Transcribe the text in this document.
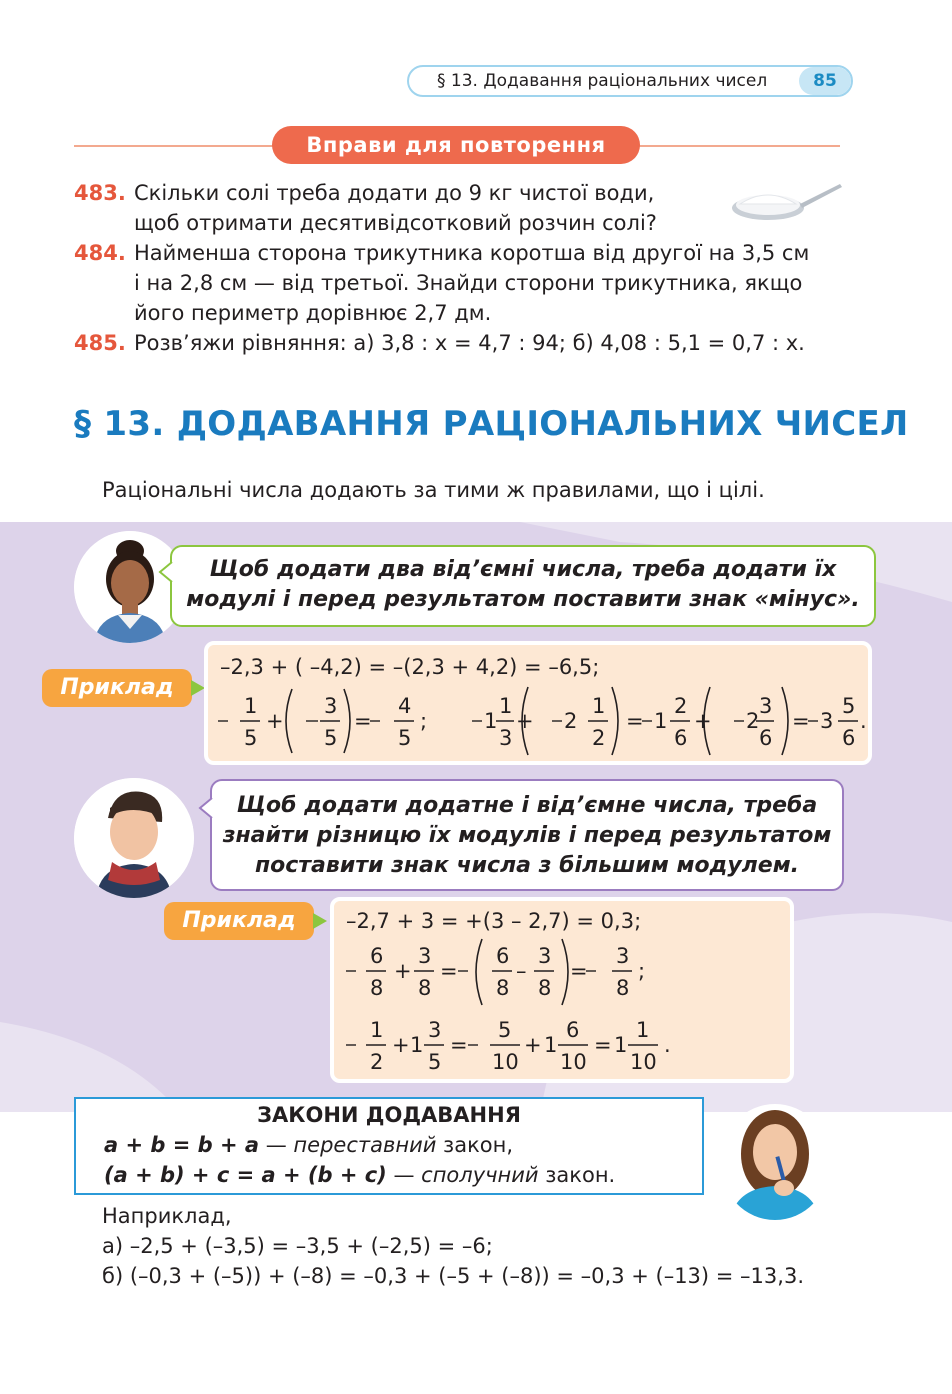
§ 13. Додавання раціональних чисел	85
Вправи для повторення
483. Скільки солі треба додати до 9 кг чистої води,
щоб отримати десятивідсотковий розчин солі?
484. Найменша сторона трикутника коротша від другої на 3,5 см
і на 2,8 см — від третьої. Знайди сторони трикутника, якщо
його периметр дорівнює 2,7 дм.
485. Розв’яжи рівняння: а) 3,8 : x = 4,7 : 94; б) 4,08 : 5,1 = 0,7 : x.
§ 13. ДОДАВАННЯ РАЦІОНАЛЬНИХ ЧИСЕЛ
Раціональні числа додають за тими ж правилами, що і цілі.
Щоб додати два від’ємні числа, треба додати їх
модулі і перед результатом поставити знак «мінус».
Приклад
–2,3 + ( –4,2) = –(2,3 + 4,2) = –6,5;
1
5
+
3
5
=
4
5
;	1
1
3
+ 2
1
2
= 1
2
6
+ 2
3
6
= 3
5
6
.
Щоб додати додатне і від’ємне числа, треба
знайти різницю їх модулів і перед результатом
поставити знак числа з більшим модулем.
Приклад	–2,7 + 3 = +(3 – 2,7) = 0,3;
6
8
+
3
8
=
6
8
–
3
8
=
3
8
;
1
2
+ 1
3
5
=
5
10
+ 1
6
10
= 1
1
10
.
ЗАКОНИ ДОДАВАННЯ
a + b = b + a — переставний закон,
(a + b) + c = a + (b + c) — сполучний закон.
Наприклад,
а) –2,5 + (–3,5) = –3,5 + (–2,5) = –6;
б) (–0,3 + (–5)) + (–8) = –0,3 + (–5 + (–8)) = –0,3 + (–13) = –13,3.
